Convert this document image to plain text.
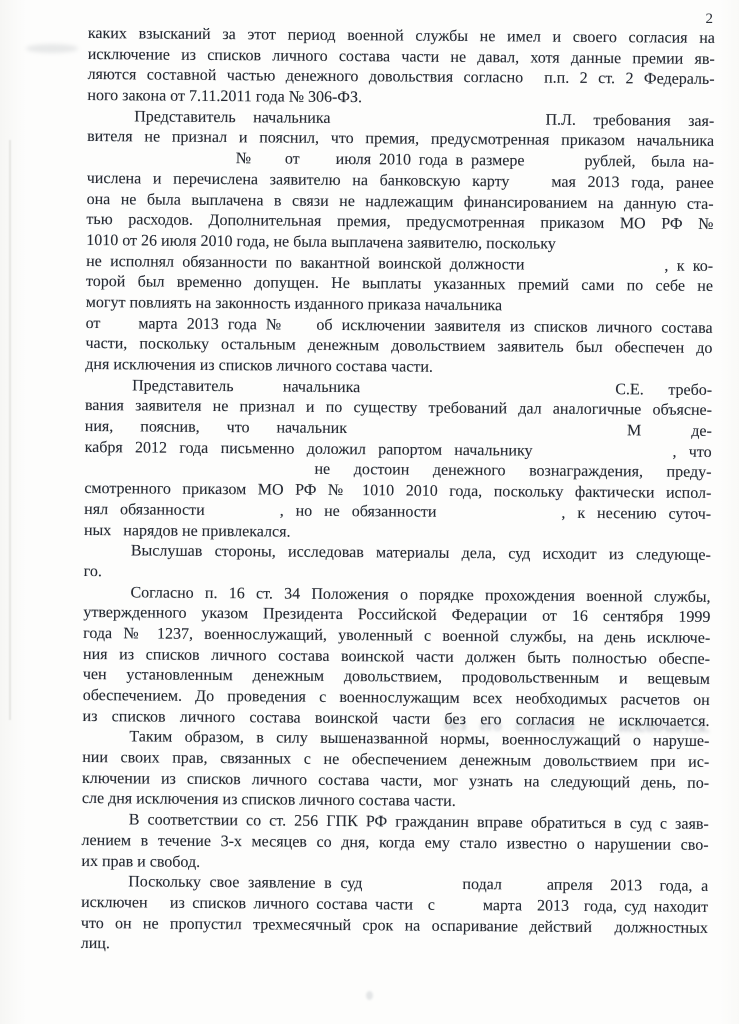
2
каких взысканий за этот период военной службы не имел и своего согласия на
исключение из списков личного состава части не давал, хотя данные премии яв-
ляются составной частью денежного довольствия согласно  п.п. 2 ст. 2 Федераль-
ного закона от 7.11.2011 года № 306-ФЗ.
Представитель начальника	П.Л. требования зая-
вителя не признал и пояснил, что премия, предусмотренная приказом начальника
№ от июля 2010 года в размере	рублей,  была на-
числена и перечислена заявителю на банковскую карту	мая 2013 года, ранее
она не была выплачена в связи не надлежащим финансированием на данную ста-
тью расходов. Дополнительная премия, предусмотренная приказом МО РФ №
1010 от 26 июля 2010 года, не была выплачена заявителю, поскольку
не исполнял обязанности по вакантной воинской должности	, к ко-
торой был временно допущен. Не выплаты указанных премий сами по себе не
могут повлиять на законность изданного приказа начальника
от марта 2013 года № об исключении заявителя из списков личного состава
части, поскольку остальным денежным довольствием заявитель был обеспечен до
дня исключения из списков личного состава части.
Представитель  начальника	С.Е. требо-
вания заявителя не признал и по существу требований дал аналогичные объясне-
ния, пояснив, что начальник	М	де-
кабря 2012 года письменно доложил рапортом начальнику	, что
не  достоин  денежного  вознаграждения,  преду-
смотренного приказом МО РФ № 1010 2010 года, поскольку фактически испол-
нял обязанности	, но не обязанности	, к несению суточ-
ных   нарядов не привлекался.
Выслушав стороны, исследовав материалы дела, суд исходит из следующе-
го.
Согласно п. 16 ст. 34 Положения о порядке прохождения военной службы,
утвержденного указом Президента Российской Федерации от 16 сентября 1999
года № 1237, военнослужащий, уволенный с военной службы, на день исключе-
ния из списков личного состава воинской части должен быть полностью обеспе-
чен установленным денежным довольствием, продовольственным и вещевым
обеспечением. До проведения с военнослужащим всех необходимых расчетов он
из списков личного состава воинской части без его согласия не исключается.
Таким образом, в силу вышеназванной нормы, военнослужащий о наруше-
нии своих прав, связанных с не обеспечением денежным довольствием при ис-
ключении из списков личного состава части, мог узнать на следующий день, по-
сле дня исключения из списков личного состава части.
В соответствии со ст. 256 ГПК РФ гражданин вправе обратиться в суд с заяв-
лением в течение 3-х месяцев со дня, когда ему стало известно о нарушении сво-
их прав и свобод.
Поскольку свое заявление в суд	подал	апреля  2013  года, а
исключен   из списков личного состава части  с	марта  2013  года, суд находит
что он не пропустил трехмесячный срок на оспаривание действий  должностных
лиц.
